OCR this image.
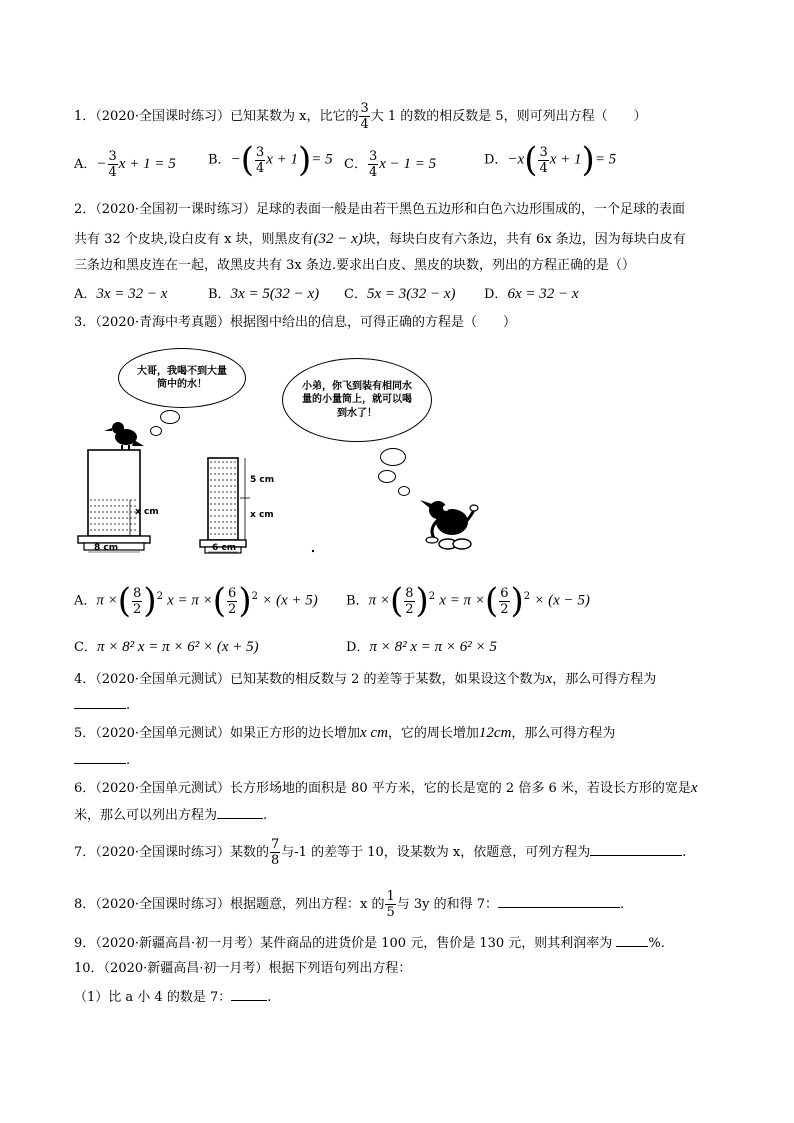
1．（2020·全国课时练习）已知某数为 x，比它的 $\frac{3}{4}$ 大 1 的数的相反数是 5，则可列出方程（　　）
A．− $\frac{3}{4}$ x + 1 = 5 B．−( $\frac{3}{4}$ x + 1)= 5 C． $\frac{3}{4}$ x − 1 = 5	D．$-x( \frac{3}{4}$ x + 1)= 5
2．（2020·全国初一课时练习）足球的表面一般是由若干黑色五边形和白色六边形围成的，一个足球的表面
共有 32 个皮块,设白皮有 x 块，则黑皮有(32 − x)块，每块白皮有六条边，共有 6x 条边，因为每块白皮有
三条边和黑皮连在一起，故黑皮共有 3x 条边.要求出白皮、黑皮的块数，列出的方程正确的是（）
A．3x = 32 − x	B．3x = 5(32 − x) C．5x = 3(32 − x) D．6x = 32 − x
3．（2020·青海中考真题）根据图中给出的信息，可得正确的方程是（　　）
大哥，我喝不到大量筒中的水！	小弟，你飞到装有相同水量的小量筒上，就可以喝到水了！
x cm
8 cm
5 cm
x cm
6 cm
A．π ×( $\frac{8}{2} )^2$ x = π ×( $\frac{6}{2} )^2 \times (x + 5)$ B．π ×( $\frac{8}{2} )^2$ x = π ×( $\frac{6}{2} )^2 \times (x - 5)$
C．π × 8² x = π × 6² × (x + 5)	D．π × 8² x = π × 6² × 5
4．（2020·全国单元测试）已知某数的相反数与 2 的差等于某数，如果设这个数为x，那么可得方程为
.
5．（2020·全国单元测试）如果正方形的边长增加x cm，它的周长增加12cm，那么可得方程为
.
6．（2020·全国单元测试）长方形场地的面积是 80 平方米，它的长是宽的 2 倍多 6 米，若设长方形的宽是x
米，那么可以列出方程为	.
7．（2020·全国课时练习）某数的 $\frac{7}{8}$ 与-1 的差等于 10，设某数为 x，依题意，可列方程为	.
8．（2020·全国课时练习）根据题意，列出方程：x 的 $\frac{1}{5}$ 与 3y 的和得 7：	.
9．（2020·新疆高昌·初一月考）某件商品的进货价是 100 元，售价是 130 元，则其利润率为	%.
10．（2020·新疆高昌·初一月考）根据下列语句列出方程：
（1）比 a 小 4 的数是 7：	.
